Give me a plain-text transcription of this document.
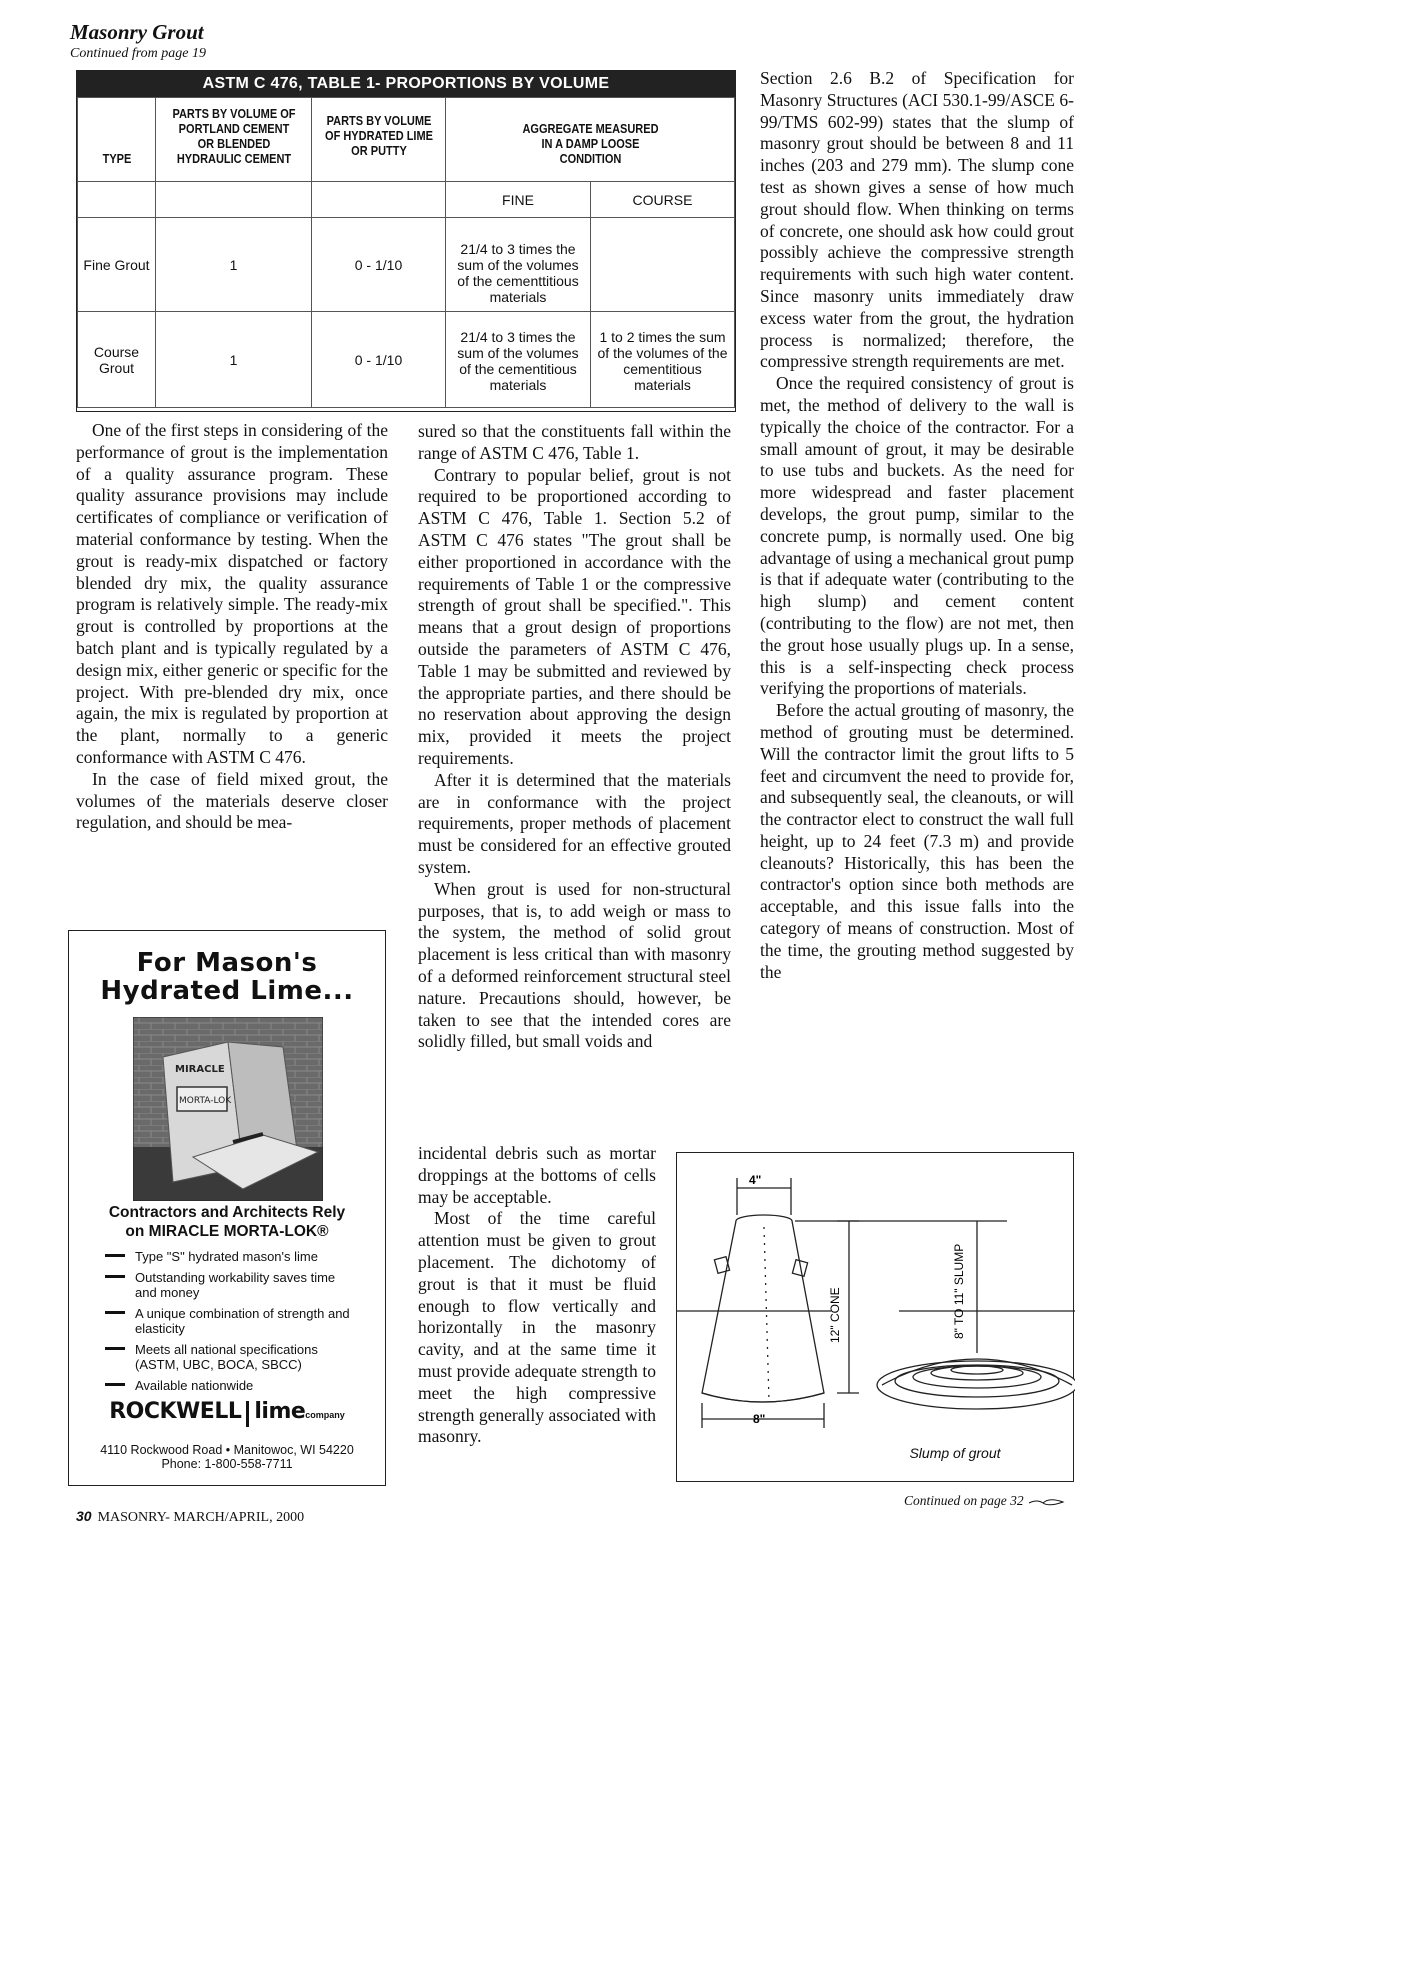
Masonry Grout
Continued from page 19
ASTM C 476, TABLE 1- PROPORTIONS BY VOLUME
TYPE	PARTS BY VOLUME OF PORTLAND CEMENT OR BLENDED HYDRAULIC CEMENT	PARTS BY VOLUME OF HYDRATED LIME OR PUTTY	AGGREGATE MEASURED IN A DAMP LOOSE CONDITION	
			FINE	COURSE
Fine Grout	1	0 - 1/10	21/4 to 3 times the sum of the volumes of the cementtitious materials	
Course Grout	1	0 - 1/10	21/4 to 3 times the sum of the volumes of the cementitious materials	1 to 2 times the sum of the volumes of the cementitious materials

One of the first steps in considering of the performance of grout is the implementation of a quality assurance program. These quality assurance provisions may include certificates of compliance or verification of material conformance by testing. When the grout is ready-mix dispatched or factory blended dry mix, the quality assurance program is relatively simple. The ready-mix grout is controlled by proportions at the batch plant and is typically regulated by a design mix, either generic or specific for the project. With pre-blended dry mix, once again, the mix is regulated by proportion at the plant, normally to a generic conformance with ASTM C 476.

In the case of field mixed grout, the volumes of the materials deserve closer regulation, and should be mea-

sured so that the constituents fall within the range of ASTM C 476, Table 1.

Contrary to popular belief, grout is not required to be proportioned according to ASTM C 476, Table 1. Section 5.2 of ASTM C 476 states "The grout shall be either proportioned in accordance with the requirements of Table 1 or the compressive strength of grout shall be specified.". This means that a grout design of proportions outside the parameters of ASTM C 476, Table 1 may be submitted and reviewed by the appropriate parties, and there should be no reservation about approving the design mix, provided it meets the project requirements.

After it is determined that the materials are in conformance with the project requirements, proper methods of placement must be considered for an effective grouted system.

When grout is used for non-structural purposes, that is, to add weigh or mass to the system, the method of solid grout placement is less critical than with masonry of a deformed reinforcement structural steel nature. Precautions should, however, be taken to see that the intended cores are solidly filled, but small voids and

incidental debris such as mortar droppings at the bottoms of cells may be acceptable.

Most of the time careful attention must be given to grout placement. The dichotomy of grout is that it must be fluid enough to flow vertically and horizontally in the masonry cavity, and at the same time it must provide adequate strength to meet the high compressive strength generally associated with masonry.

Section 2.6 B.2 of Specification for Masonry Structures (ACI 530.1-99/ASCE 6-99/TMS 602-99) states that the slump of masonry grout should be between 8 and 11 inches (203 and 279 mm). The slump cone test as shown gives a sense of how much grout should flow. When thinking on terms of concrete, one should ask how could grout possibly achieve the compressive strength requirements with such high water content. Since masonry units immediately draw excess water from the grout, the hydration process is normalized; therefore, the compressive strength requirements are met.

Once the required consistency of grout is met, the method of delivery to the wall is typically the choice of the contractor. For a small amount of grout, it may be desirable to use tubs and buckets. As the need for more widespread and faster placement develops, the grout pump, similar to the concrete pump, is normally used. One big advantage of using a mechanical grout pump is that if adequate water (contributing to the high slump) and cement content (contributing to the flow) are not met, then the grout hose usually plugs up. In a sense, this is a self-inspecting check process verifying the proportions of materials.

Before the actual grouting of masonry, the method of grouting must be determined. Will the contractor limit the grout lifts to 5 feet and circumvent the need to provide for, and subsequently seal, the cleanouts, or will the contractor elect to construct the wall full height, up to 24 feet (7.3 m) and provide cleanouts? Historically, this has been the contractor's option since both methods are acceptable, and this issue falls into the category of means of construction. Most of the time, the grouting method suggested by the

For Mason's
Hydrated Lime...
MIRACLE
MORTA-LOK
Contractors and Architects Rely
on MIRACLE MORTA-LOK®
Type "S" hydrated mason's lime
Outstanding workability saves time and money
A unique combination of strength and elasticity
Meets all national specifications (ASTM, UBC, BOCA, SBCC)
Available nationwide
ROCKWELL limecompany
4110 Rockwood Road • Manitowoc, WI 54220
Phone: 1-800-558-7711
4"
8"
12" CONE	8" TO 11" SLUMP
Slump of grout
30 MASONRY- MARCH/APRIL, 2000
Continued on page 32
